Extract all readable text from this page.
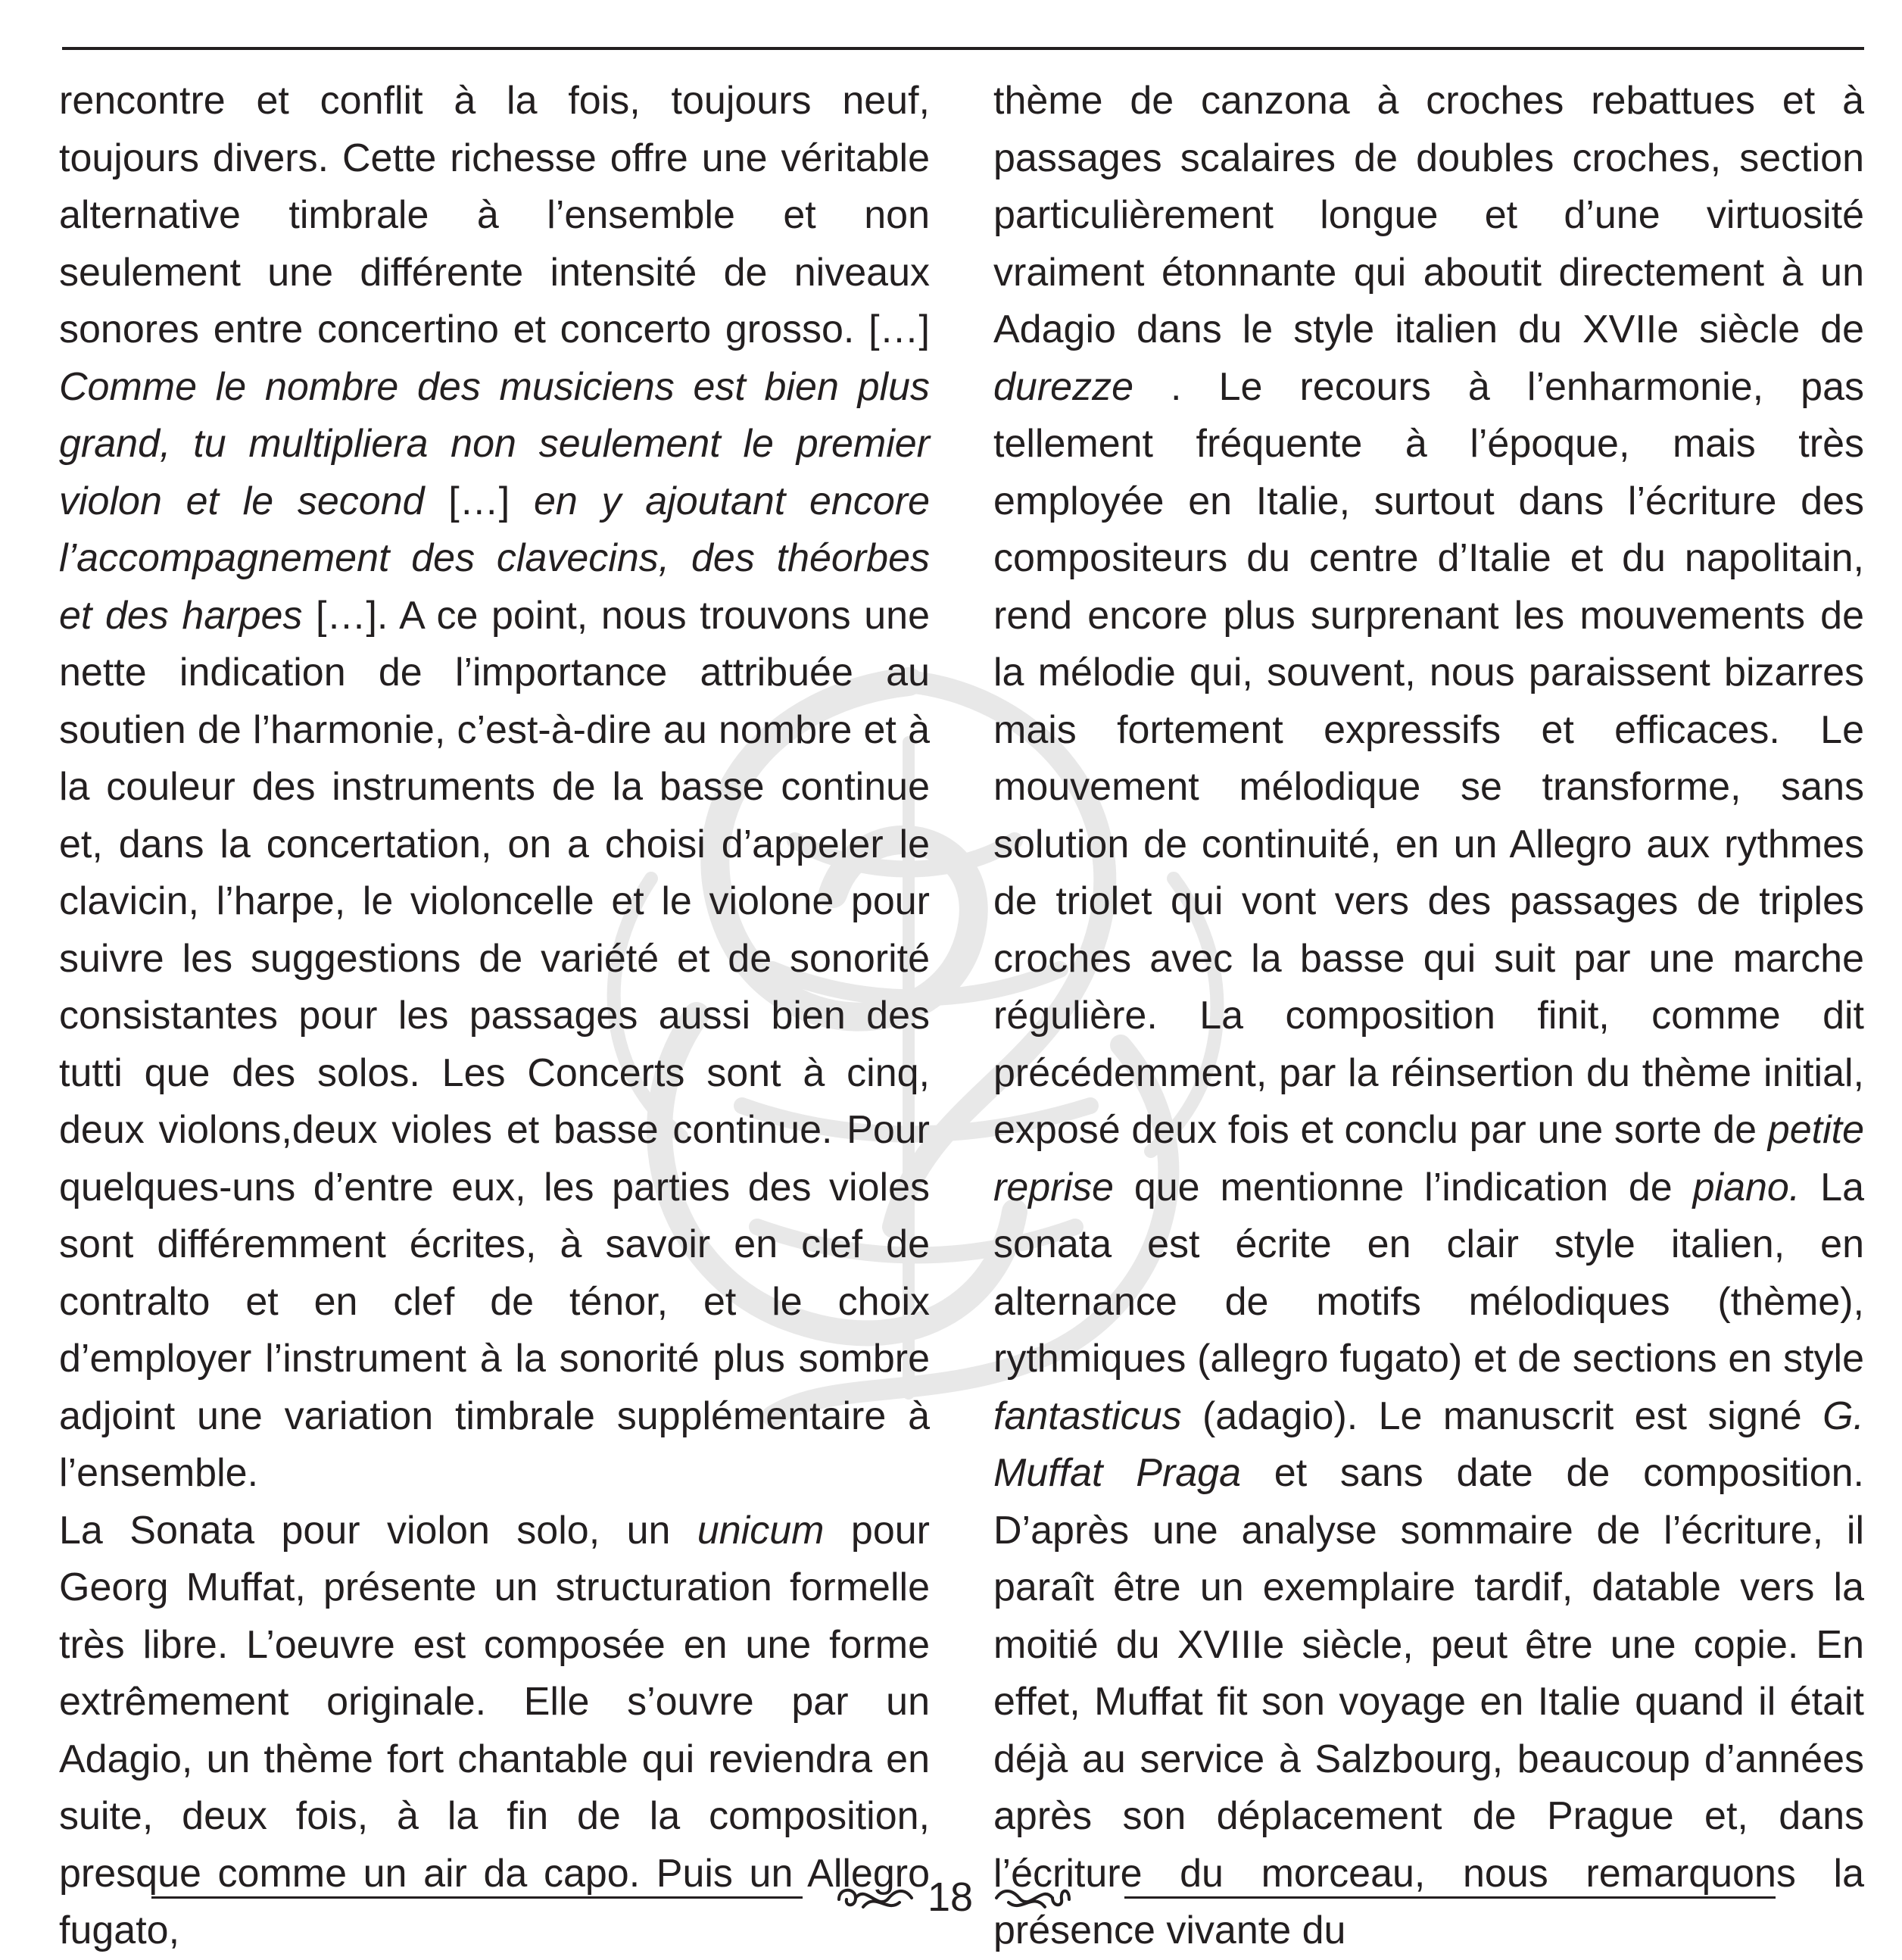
rencontre et conflit à la fois, toujours neuf, toujours divers. Cette richesse offre une véritable alternative timbrale à l’ensemble et non seulement une différente intensité de niveaux sonores entre concertino et concerto grosso. […] Comme le nombre des musiciens est bien plus grand, tu multipliera non seulement le premier violon et le second […] en y ajoutant encore l’accompagnement des clavecins, des théorbes et des harpes […]. A ce point, nous trouvons une nette indication de l’importance attribuée au soutien de l’harmonie, c’est-à-dire au nombre et à la couleur des instruments de la basse continue et, dans la concertation, on a choisi d’appeler le clavicin, l’harpe, le violoncelle et le violone pour suivre les suggestions de variété et de sonorité consistantes pour les passages aussi bien des tutti que des solos. Les Concerts sont à cinq, deux violons,deux violes et basse continue. Pour quelques-uns d’entre eux, les parties des violes sont différemment écrites, à savoir en clef de contralto et en clef de ténor, et le choix d’employer l’instrument à la sonorité plus sombre adjoint une variation timbrale supplémentaire à l’ensemble.

La Sonata pour violon solo, un unicum pour Georg Muffat, présente un structuration formelle très libre. L’oeuvre est composée en une forme extrêmement originale. Elle s’ouvre par un Adagio, un thème fort chantable qui reviendra en suite, deux fois, à la fin de la composition, presque comme un air da capo. Puis un Allegro fugato,

thème de canzona à croches rebattues et à passages scalaires de doubles croches, section particulièrement longue et d’une virtuosité vraiment étonnante qui aboutit directement à un Adagio dans le style italien du XVIIe siècle de durezze . Le recours à l’enharmonie, pas tellement fréquente à l’époque, mais très employée en Italie, surtout dans l’écriture des compositeurs du centre d’Italie et du napolitain, rend encore plus surprenant les mouvements de la mélodie qui, souvent, nous paraissent bizarres mais fortement expressifs et efficaces. Le mouvement mélodique se transforme, sans solution de continuité, en un Allegro aux rythmes de triolet qui vont vers des passages de triples croches avec la basse qui suit par une marche régulière. La composition finit, comme dit précédemment, par la réinsertion du thème initial, exposé deux fois et conclu par une sorte de petite reprise que mentionne l’indication de piano. La sonata est écrite en clair style italien, en alternance de motifs mélodiques (thème), rythmiques (allegro fugato) et de sections en style fantasticus (adagio). Le manuscrit est signé G. Muffat Praga et sans date de composition. D’après une analyse sommaire de l’écriture, il paraît être un exemplaire tardif, datable vers la moitié du XVIIIe siècle, peut être une copie. En effet, Muffat fit son voyage en Italie quand il était déjà au service à Salzbourg, beaucoup d’années après son déplacement de Prague et, dans l’écriture du morceau, nous remarquons la présence vivante du

18
